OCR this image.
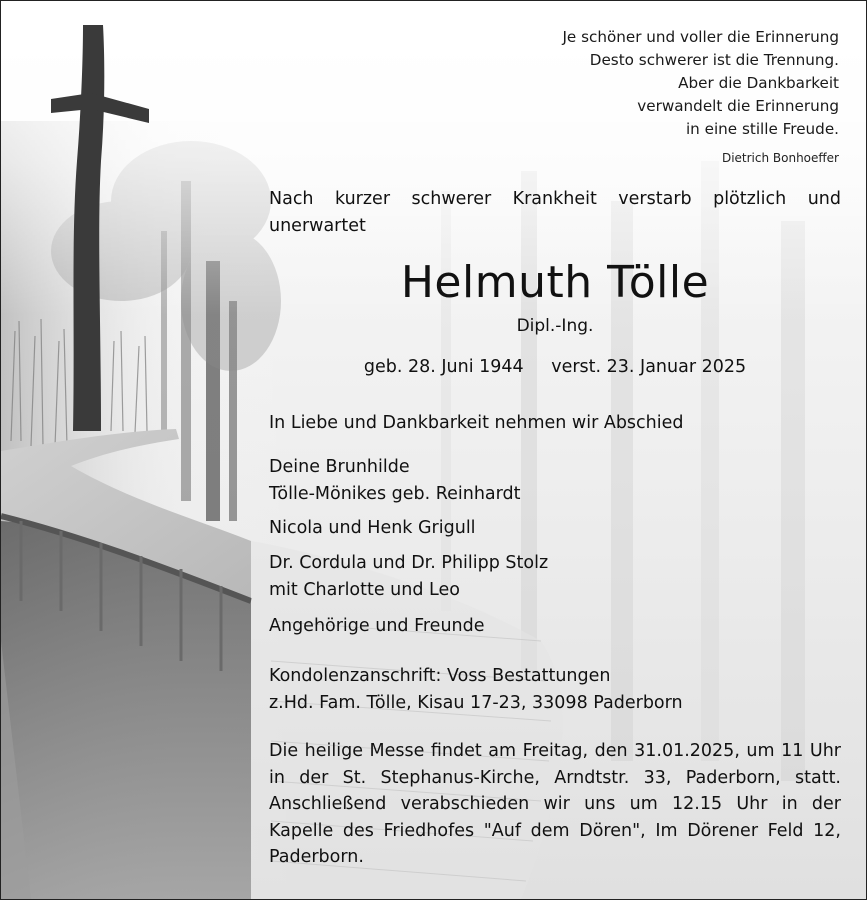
Je schöner und voller die Erinnerung
Desto schwerer ist die Trennung.
Aber die Dankbarkeit
verwandelt die Erinnerung
in eine stille Freude.
Dietrich Bonhoeffer
Nach kurzer schwerer Krankheit verstarb plötzlich und unerwartet
Helmuth Tölle
Dipl.-Ing.
geb. 28. Juni 1944 verst. 23. Januar 2025
In Liebe und Dankbarkeit nehmen wir Abschied
Deine Brunhilde
Tölle-Mönikes geb. Reinhardt
Nicola und Henk Grigull
Dr. Cordula und Dr. Philipp Stolz
mit Charlotte und Leo
Angehörige und Freunde
Kondolenzanschrift: Voss Bestattungen
z.Hd. Fam. Tölle, Kisau 17-23, 33098 Paderborn
Die heilige Messe findet am Freitag, den 31.01.2025, um 11 Uhr in der St. Stephanus-Kirche, Arndtstr. 33, Paderborn, statt. Anschließend verabschieden wir uns um 12.15 Uhr in der Kapelle des Friedhofes "Auf dem Dören", Im Dörener Feld 12, Paderborn.
